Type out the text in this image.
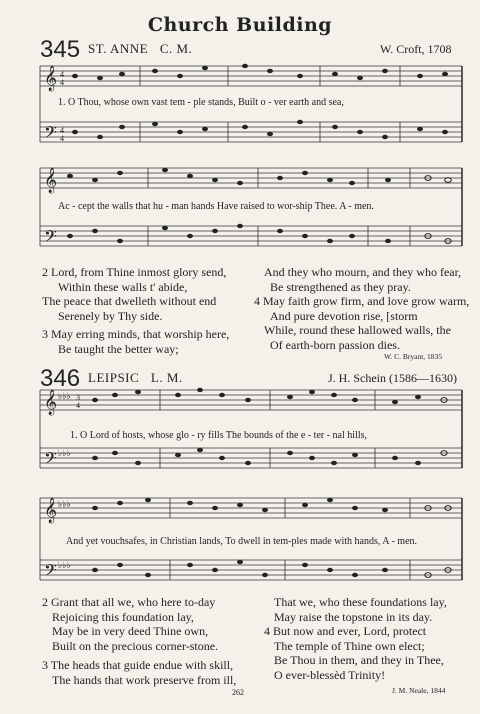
Church Building
345 ST. ANNE C. M.	W. Croft, 1708
𝄞
𝄢
4
4
4
4
1. O Thou, whose own vast tem - ple stands, Built o - ver earth and sea,
𝄞
𝄢
Ac - cept the walls that hu - man hands Have raised to wor-ship Thee. A - men.
2 Lord, from Thine inmost glory send,
Within these walls t' abide,
The peace that dwelleth without end
Serenely by Thy side.
3 May erring minds, that worship here,
Be taught the better way;
And they who mourn, and they who fear,
Be strengthened as they pray.
4 May faith grow firm, and love grow warm,
And pure devotion rise, [storm
While, round these hallowed walls, the
Of earth-born passion dies.
W. C. Bryant, 1835
346 LEIPSIC L. M.	J. H. Schein (1586—1630)
𝄞
𝄢
♭♭♭
♭♭♭
3
4
1. O Lord of hosts, whose glo - ry fills The bounds of the e - ter - nal hills,
𝄞
𝄢
♭♭♭
♭♭♭
And yet vouchsafes, in Christian lands, To dwell in tem-ples made with hands, A - men.
2 Grant that all we, who here to-day
Rejoicing this foundation lay,
May be in very deed Thine own,
Built on the precious corner-stone.
3 The heads that guide endue with skill,
The hands that work preserve from ill,
That we, who these foundations lay,
May raise the topstone in its day.
4 But now and ever, Lord, protect
The temple of Thine own elect;
Be Thou in them, and they in Thee,
O ever-blessèd Trinity!
262	J. M. Neale, 1844
